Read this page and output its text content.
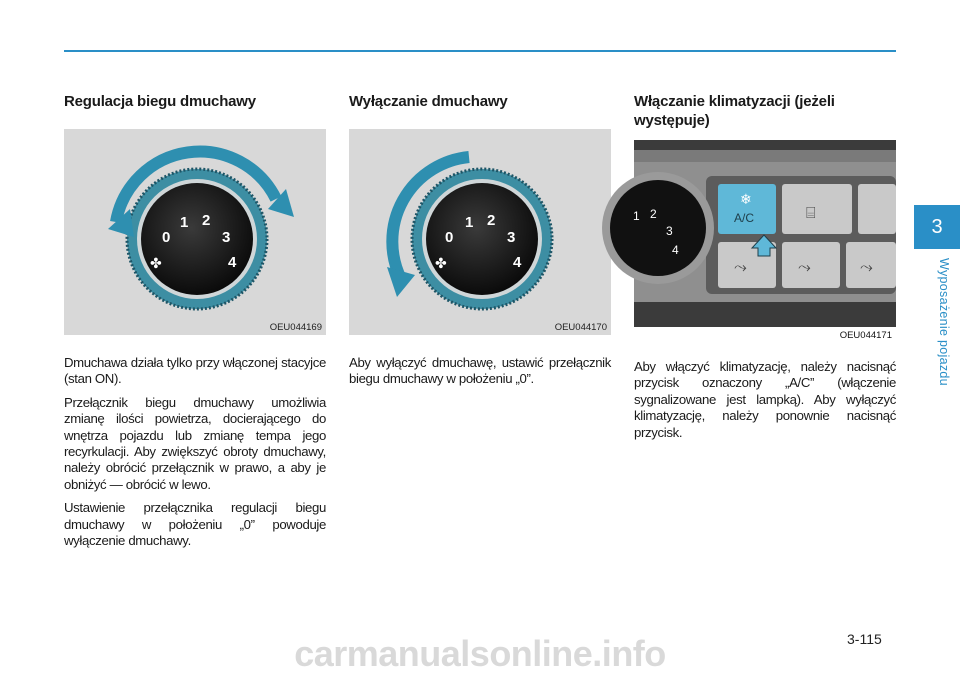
Regulacja biegu dmuchawy
0
1 2
3
4
✤
OEU044169

Dmuchawa działa tylko przy włączonej stacyjce (stan ON).

Przełącznik biegu dmuchawy umożliwia zmianę ilości powietrza, docierającego do wnętrza pojazdu lub zmianę tempa jego recyrkulacji. Aby zwiększyć obroty dmuchawy, należy obrócić przełącznik w prawo, a aby je obniżyć — obrócić w lewo.

Ustawienie przełącznika regulacji biegu dmuchawy w położeniu „0” powoduje wyłączenie dmuchawy.

Wyłączanie dmuchawy
0
1 2
3
4
✤
OEU044170

Aby wyłączyć dmuchawę, ustawić przełącznik biegu dmuchawy w położeniu „0”.

Włączanie klimatyzacji (jeżeli występuje)
1 2
3
4
A/C
❄
⌸
⤳	⤳	⤳
OEU044171

Aby włączyć klimatyzację, należy nacisnąć przycisk oznaczony „A/C” (włączenie sygnalizowane jest lampką). Aby wyłączyć klimatyzację, należy ponownie nacisnąć przycisk.

3
Wyposażenie pojazdu
3-115
carmanualsonline.info
